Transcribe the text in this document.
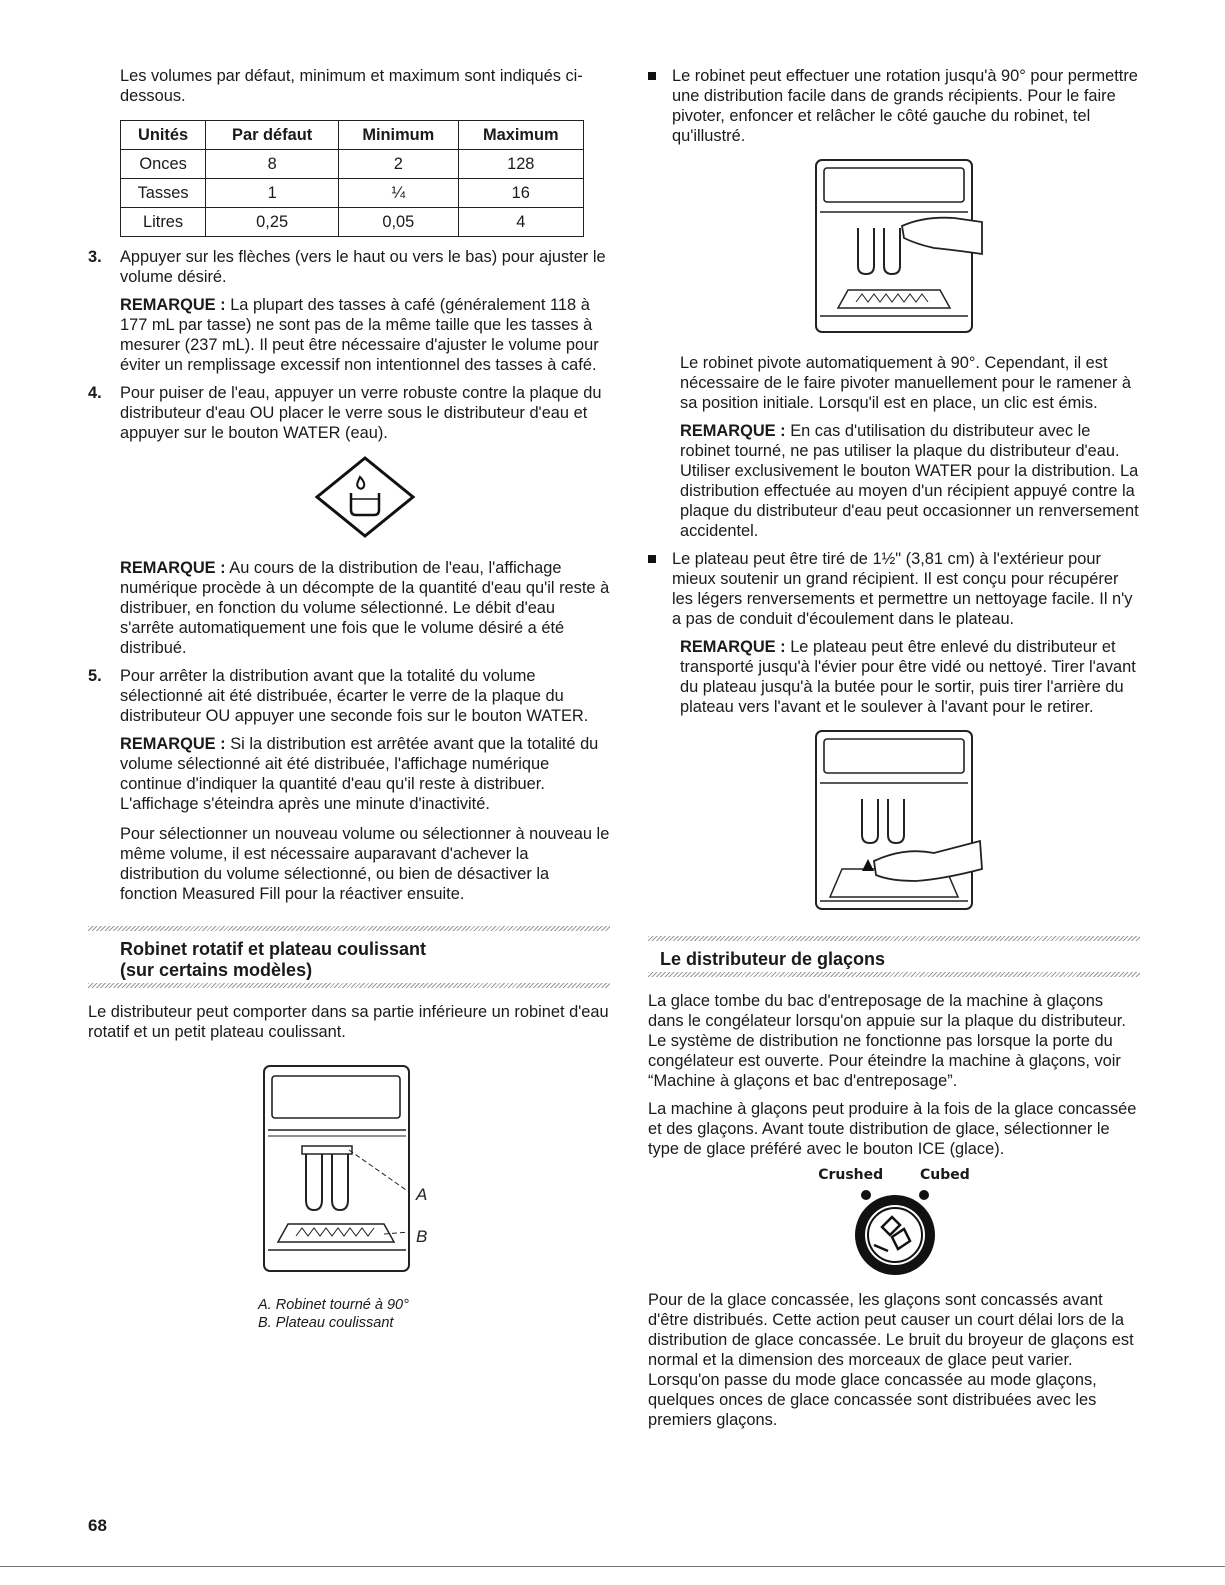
Les volumes par défaut, minimum et maximum sont indiqués ci-dessous.

Unités	Par défaut	Minimum	Maximum
Onces	8	2	128
Tasses	1	¼	16
Litres	0,25	0,05	4
3. Appuyer sur les flèches (vers le haut ou vers le bas) pour ajuster le volume désiré.

REMARQUE : La plupart des tasses à café (généralement 118 à 177 mL par tasse) ne sont pas de la même taille que les tasses à mesurer (237 mL). Il peut être nécessaire d'ajuster le volume pour éviter un remplissage excessif non intentionnel des tasses à café.

4. Pour puiser de l'eau, appuyer un verre robuste contre la plaque du distributeur d'eau OU placer le verre sous le distributeur d'eau et appuyer sur le bouton WATER (eau).

REMARQUE : Au cours de la distribution de l'eau, l'affichage numérique procède à un décompte de la quantité d'eau qu'il reste à distribuer, en fonction du volume sélectionné. Le débit d'eau s'arrête automatiquement une fois que le volume désiré a été distribué.

5. Pour arrêter la distribution avant que la totalité du volume sélectionné ait été distribuée, écarter le verre de la plaque du distributeur OU appuyer une seconde fois sur le bouton WATER.

REMARQUE : Si la distribution est arrêtée avant que la totalité du volume sélectionné ait été distribuée, l'affichage numérique continue d'indiquer la quantité d'eau qu'il reste à distribuer. L'affichage s'éteindra après une minute d'inactivité.

Pour sélectionner un nouveau volume ou sélectionner à nouveau le même volume, il est nécessaire auparavant d'achever la distribution du volume sélectionné, ou bien de désactiver la fonction Measured Fill pour la réactiver ensuite.

Robinet rotatif et plateau coulissant

(sur certains modèles)

Le distributeur peut comporter dans sa partie inférieure un robinet d'eau rotatif et un petit plateau coulissant.

A
B

A. Robinet tourné à 90°

B. Plateau coulissant

Le robinet peut effectuer une rotation jusqu'à 90° pour permettre une distribution facile dans de grands récipients. Pour le faire pivoter, enfoncer et relâcher le côté gauche du robinet, tel qu'illustré.

Le robinet pivote automatiquement à 90°. Cependant, il est nécessaire de le faire pivoter manuellement pour le ramener à sa position initiale. Lorsqu'il est en place, un clic est émis.

REMARQUE : En cas d'utilisation du distributeur avec le robinet tourné, ne pas utiliser la plaque du distributeur d'eau. Utiliser exclusivement le bouton WATER pour la distribution. La distribution effectuée au moyen d'un récipient appuyé contre la plaque du distributeur d'eau peut occasionner un renversement accidentel.

Le plateau peut être tiré de 1½" (3,81 cm) à l'extérieur pour mieux soutenir un grand récipient. Il est conçu pour récupérer les légers renversements et permettre un nettoyage facile. Il n'y a pas de conduit d'écoulement dans le plateau.

REMARQUE : Le plateau peut être enlevé du distributeur et transporté jusqu'à l'évier pour être vidé ou nettoyé. Tirer l'avant du plateau jusqu'à la butée pour le sortir, puis tirer l'arrière du plateau vers l'avant et le soulever à l'avant pour le retirer.

Le distributeur de glaçons

La glace tombe du bac d'entreposage de la machine à glaçons dans le congélateur lorsqu'on appuie sur la plaque du distributeur. Le système de distribution ne fonctionne pas lorsque la porte du congélateur est ouverte. Pour éteindre la machine à glaçons, voir “Machine à glaçons et bac d'entreposage”.

La machine à glaçons peut produire à la fois de la glace concassée et des glaçons. Avant toute distribution de glace, sélectionner le type de glace préféré avec le bouton ICE (glace).

Crushed	Cubed

Pour de la glace concassée, les glaçons sont concassés avant d'être distribués. Cette action peut causer un court délai lors de la distribution de glace concassée. Le bruit du broyeur de glaçons est normal et la dimension des morceaux de glace peut varier. Lorsqu'on passe du mode glace concassée au mode glaçons, quelques onces de glace concassée sont distribuées avec les premiers glaçons.

68
